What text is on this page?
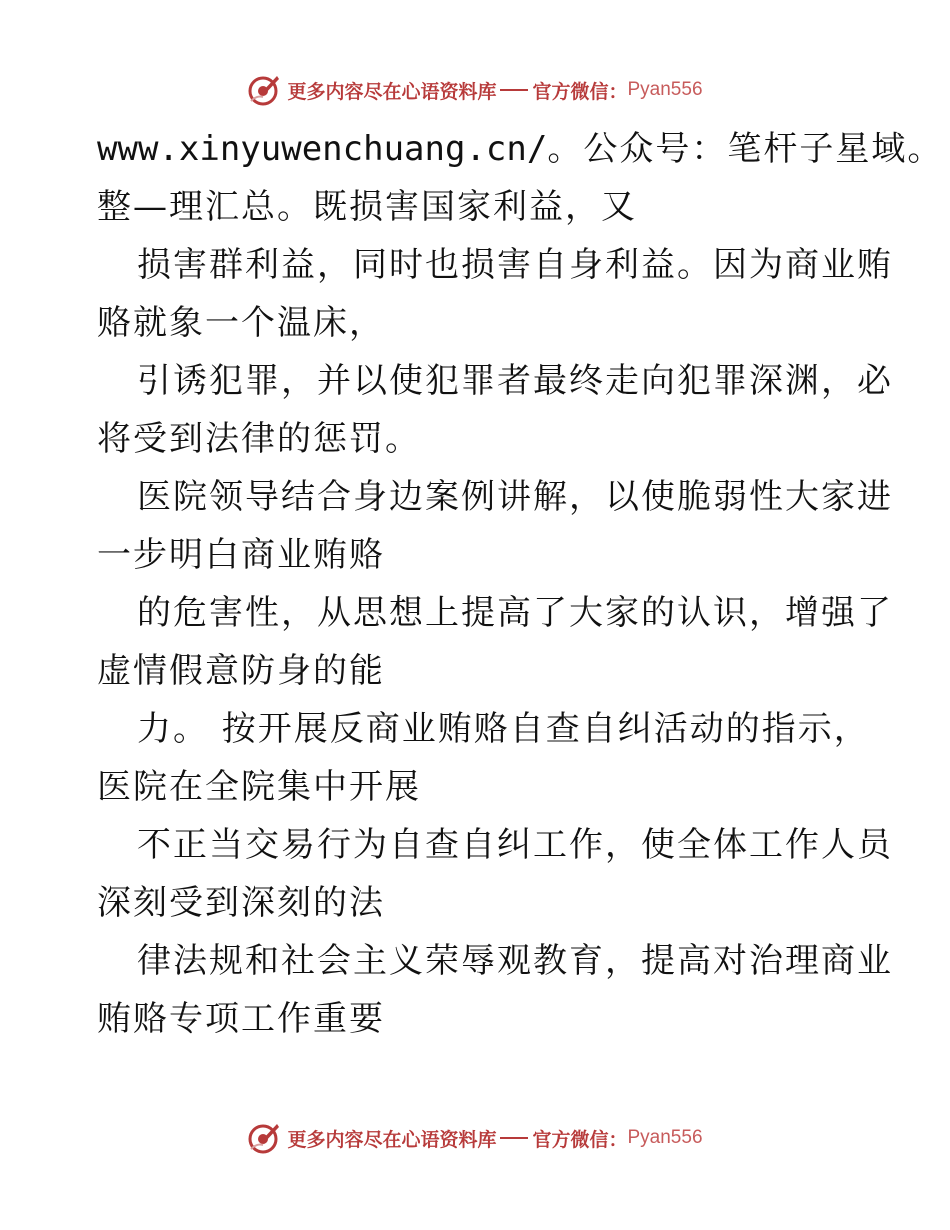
更多内容尽在心语资料库 官方微信： Pyan556
www.xinyuwenchuang.cn/。公众号：笔杆子星域。
整—理汇总。既损害国家利益，又
损害群利益，同时也损害自身利益。因为商业贿
赂就象一个温床，
引诱犯罪，并以使犯罪者最终走向犯罪深渊，必
将受到法律的惩罚。
医院领导结合身边案例讲解，以使脆弱性大家进
一步明白商业贿赂
的危害性，从思想上提高了大家的认识，增强了
虚情假意防身的能
力。 按开展反商业贿赂自查自纠活动的指示，
医院在全院集中开展
不正当交易行为自查自纠工作，使全体工作人员
深刻受到深刻的法
律法规和社会主义荣辱观教育，提高对治理商业
贿赂专项工作重要
更多内容尽在心语资料库 官方微信： Pyan556
